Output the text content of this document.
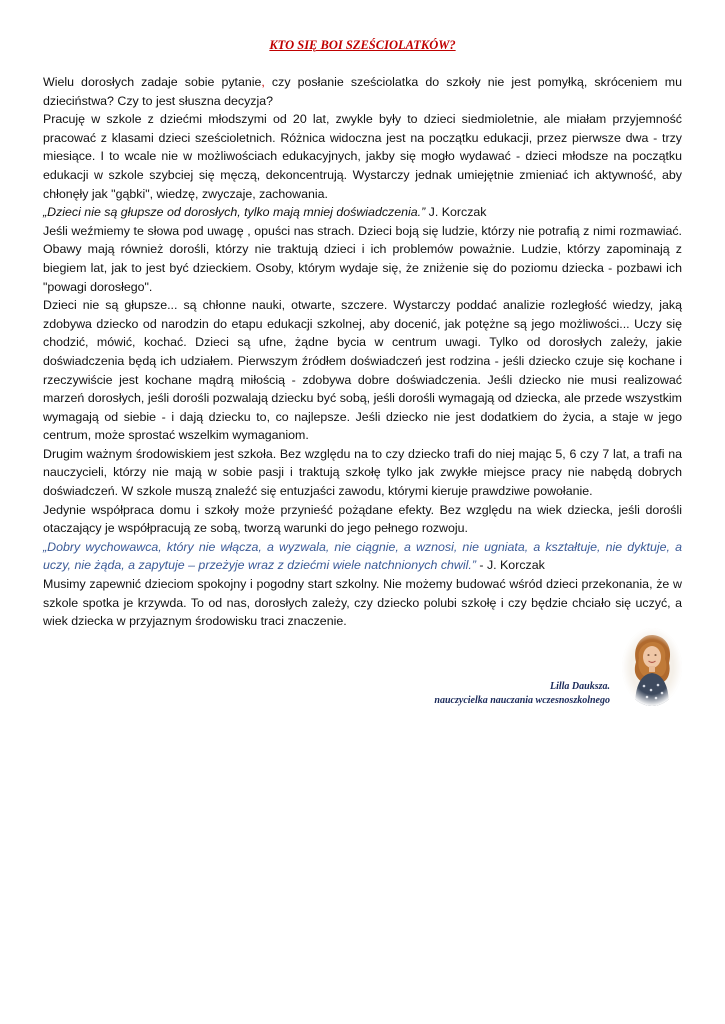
KTO SIĘ BOI SZEŚCIOLATKÓW?

Wielu dorosłych zadaje sobie pytanie, czy posłanie sześciolatka do szkoły nie jest pomyłką, skróceniem mu dzieciństwa? Czy to jest słuszna decyzja?

Pracuję w szkole z dziećmi młodszymi od 20 lat, zwykle były to dzieci siedmioletnie, ale miałam przyjemność pracować z klasami dzieci sześcioletnich. Różnica widoczna jest na początku edukacji, przez pierwsze dwa - trzy miesiące. I to wcale nie w możliwościach edukacyjnych, jakby się mogło wydawać - dzieci młodsze na początku edukacji w szkole szybciej się męczą, dekoncentrują. Wystarczy jednak umiejętnie zmieniać ich aktywność, aby chłonęły jak "gąbki", wiedzę, zwyczaje, zachowania.

„Dzieci nie są głupsze od dorosłych, tylko mają mniej doświadczenia.” J. Korczak

Jeśli weźmiemy te słowa pod uwagę , opuści nas strach. Dzieci boją się ludzie, którzy nie potrafią z nimi rozmawiać. Obawy mają również dorośli, którzy nie traktują dzieci i ich problemów poważnie. Ludzie, którzy zapominają z biegiem lat, jak to jest być dzieckiem. Osoby, którym wydaje się, że zniżenie się do poziomu dziecka - pozbawi ich "powagi dorosłego".

Dzieci nie są głupsze... są chłonne nauki, otwarte, szczere. Wystarczy poddać analizie rozległość wiedzy, jaką zdobywa dziecko od narodzin do etapu edukacji szkolnej, aby docenić, jak potężne są jego możliwości... Uczy się chodzić, mówić, kochać. Dzieci są ufne, żądne bycia w centrum uwagi. Tylko od dorosłych zależy, jakie doświadczenia będą ich udziałem. Pierwszym źródłem doświadczeń jest rodzina - jeśli dziecko czuje się kochane i rzeczywiście jest kochane mądrą miłością - zdobywa dobre doświadczenia. Jeśli dziecko nie musi realizować marzeń dorosłych, jeśli dorośli pozwalają dziecku być sobą, jeśli dorośli wymagają od dziecka, ale przede wszystkim wymagają od siebie - i dają dziecku to, co najlepsze. Jeśli dziecko nie jest dodatkiem do życia, a staje w jego centrum, może sprostać wszelkim wymaganiom.

Drugim ważnym środowiskiem jest szkoła. Bez względu na to czy dziecko trafi do niej mając 5, 6 czy 7 lat, a trafi na nauczycieli, którzy nie mają w sobie pasji i traktują szkołę tylko jak zwykłe miejsce pracy nie nabędą dobrych doświadczeń. W szkole muszą znaleźć się entuzjaści zawodu, którymi kieruje prawdziwe powołanie.

Jedynie współpraca domu i szkoły może przynieść pożądane efekty. Bez względu na wiek dziecka, jeśli dorośli otaczający je współpracują ze sobą, tworzą warunki do jego pełnego rozwoju.

„Dobry wychowawca, który nie włącza, a wyzwala, nie ciągnie, a wznosi, nie ugniata, a kształtuje, nie dyktuje, a uczy, nie żąda, a zapytuje – przeżyje wraz z dziećmi wiele natchnionych chwil.” - J. Korczak

Musimy zapewnić dzieciom spokojny i pogodny start szkolny. Nie możemy budować wśród dzieci przekonania, że w szkole spotka je krzywda. To od nas, dorosłych zależy, czy dziecko polubi szkołę i czy będzie chciało się uczyć, a wiek dziecka w przyjaznym środowisku traci znaczenie.

Lilla Dauksza.
nauczycielka nauczania wczesnoszkolnego
